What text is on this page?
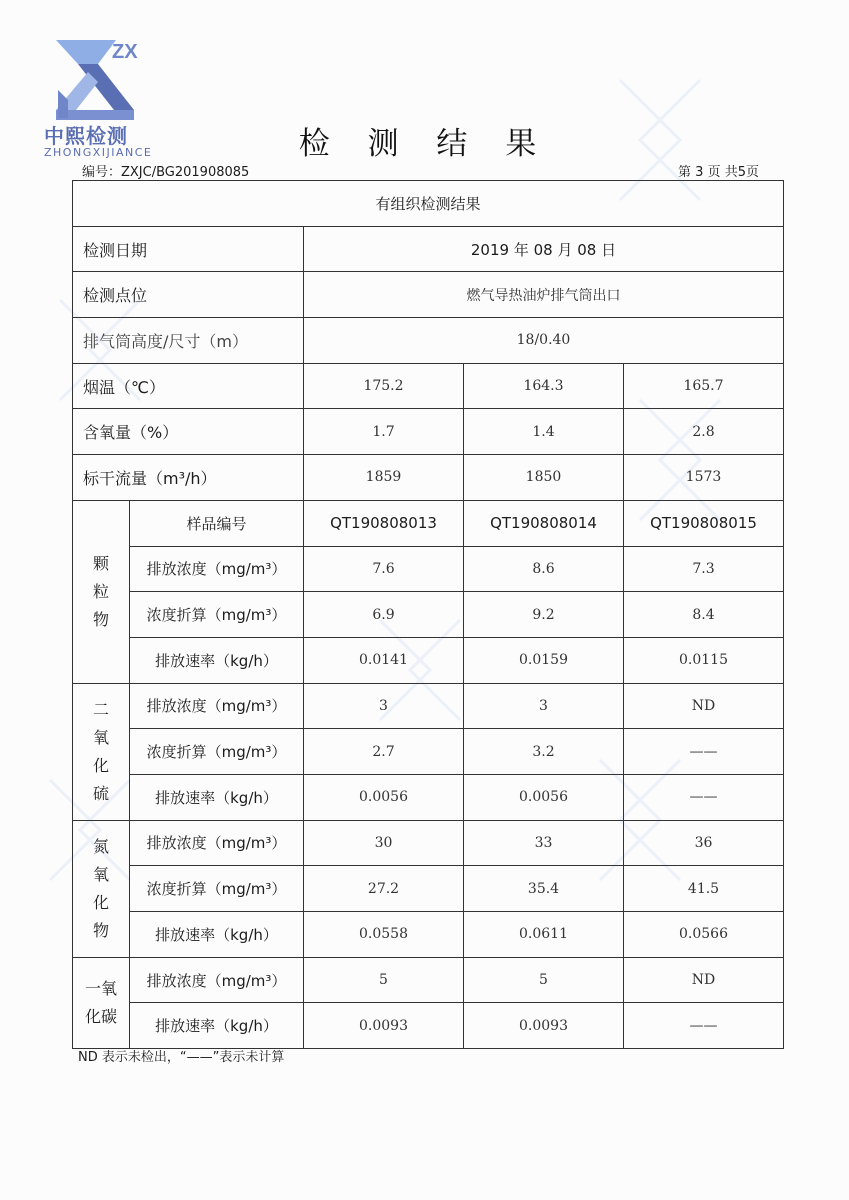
ZX
中熙检测
ZHONGXIJIANCE	检 测 结 果
编号：ZXJC/BG201908085	第 3 页 共5页
有组织检测结果				
检测日期		2019 年 08 月 08 日		
检测点位		燃气导热油炉排气筒出口		
排气筒高度/尺寸（m）		18/0.40		
烟温（℃）		175.2	164.3	165.7
含氧量（%）		1.7	1.4	2.8
标干流量（m³/h）		1859	1850	1573
颗
粒
物	样品编号	QT190808013	QT190808014	QT190808015
	排放浓度（mg/m³）	7.6	8.6	7.3
	浓度折算（mg/m³）	6.9	9.2	8.4
	排放速率（kg/h）	0.0141	0.0159	0.0115
二
氧
化
硫	排放浓度（mg/m³）	3	3	ND
	浓度折算（mg/m³）	2.7	3.2	——
	排放速率（kg/h）	0.0056	0.0056	——
氮
氧
化
物	排放浓度（mg/m³）	30	33	36
	浓度折算（mg/m³）	27.2	35.4	41.5
	排放速率（kg/h）	0.0558	0.0611	0.0566
一氧
化碳	排放浓度（mg/m³）	5	5	ND
	排放速率（kg/h）	0.0093	0.0093	——
ND 表示未检出，“——”表示未计算
